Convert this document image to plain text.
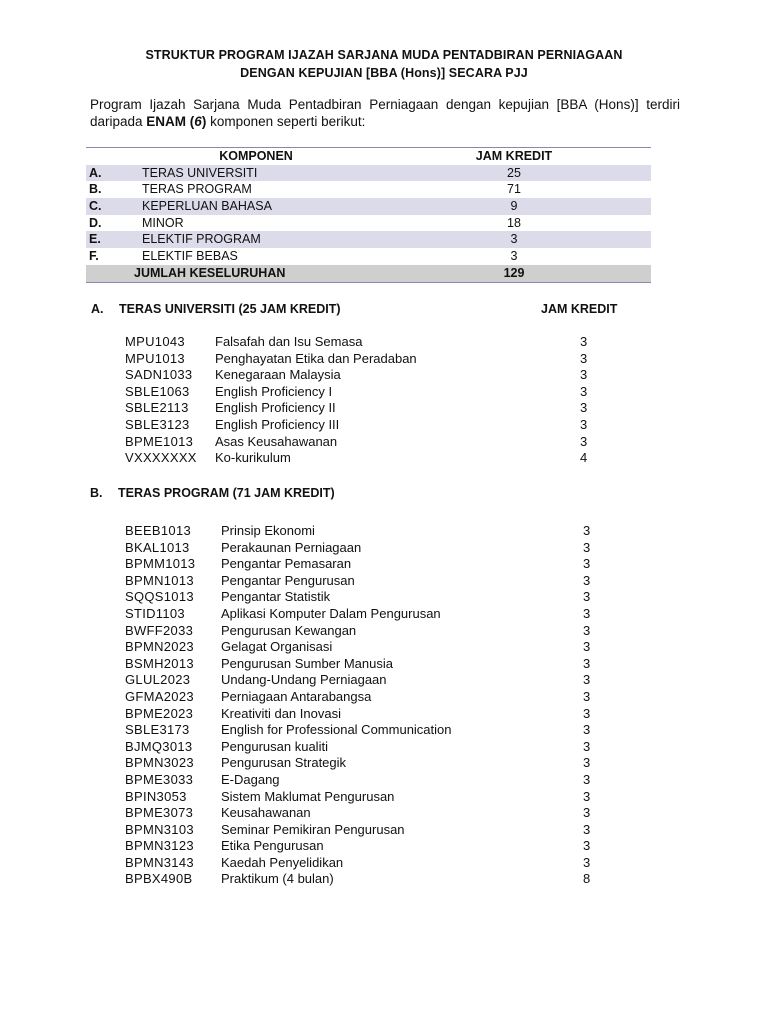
STRUKTUR PROGRAM IJAZAH SARJANA MUDA PENTADBIRAN PERNIAGAAN
DENGAN KEPUJIAN [BBA (Hons)] SECARA PJJ
Program Ijazah Sarjana Muda Pentadbiran Perniagaan dengan kepujian [BBA (Hons)] terdiri daripada ENAM (6) komponen seperti berikut:
KOMPONEN	JAM KREDIT
A.	TERAS UNIVERSITI	25
B.	TERAS PROGRAM	71
C.	KEPERLUAN BAHASA	9
D.	MINOR	18
E.	ELEKTIF PROGRAM	3
F.	ELEKTIF BEBAS	3
JUMLAH KESELURUHAN	129
A. TERAS UNIVERSITI (25 JAM KREDIT)	JAM KREDIT
MPU1043 Falsafah dan Isu Semasa	3
MPU1013 Penghayatan Etika dan Peradaban	3
SADN1033 Kenegaraan Malaysia	3
SBLE1063 English Proficiency I	3
SBLE2113 English Proficiency II	3
SBLE3123 English Proficiency III	3
BPME1013 Asas Keusahawanan	3
VXXXXXXX Ko-kurikulum	4
B. TERAS PROGRAM (71 JAM KREDIT)
BEEB1013 Prinsip Ekonomi	3
BKAL1013 Perakaunan Perniagaan	3
BPMM1013 Pengantar Pemasaran	3
BPMN1013 Pengantar Pengurusan	3
SQQS1013 Pengantar Statistik	3
STID1103	Aplikasi Komputer Dalam Pengurusan	3
BWFF2033 Pengurusan Kewangan	3
BPMN2023 Gelagat Organisasi	3
BSMH2013 Pengurusan Sumber Manusia	3
GLUL2023 Undang-Undang Perniagaan	3
GFMA2023 Perniagaan Antarabangsa	3
BPME2023 Kreativiti dan Inovasi	3
SBLE3173 English for Professional Communication	3
BJMQ3013 Pengurusan kualiti	3
BPMN3023 Pengurusan Strategik	3
BPME3033 E-Dagang	3
BPIN3053	Sistem Maklumat Pengurusan	3
BPME3073 Keusahawanan	3
BPMN3103 Seminar Pemikiran Pengurusan	3
BPMN3123 Etika Pengurusan	3
BPMN3143 Kaedah Penyelidikan	3
BPBX490B Praktikum (4 bulan)	8
